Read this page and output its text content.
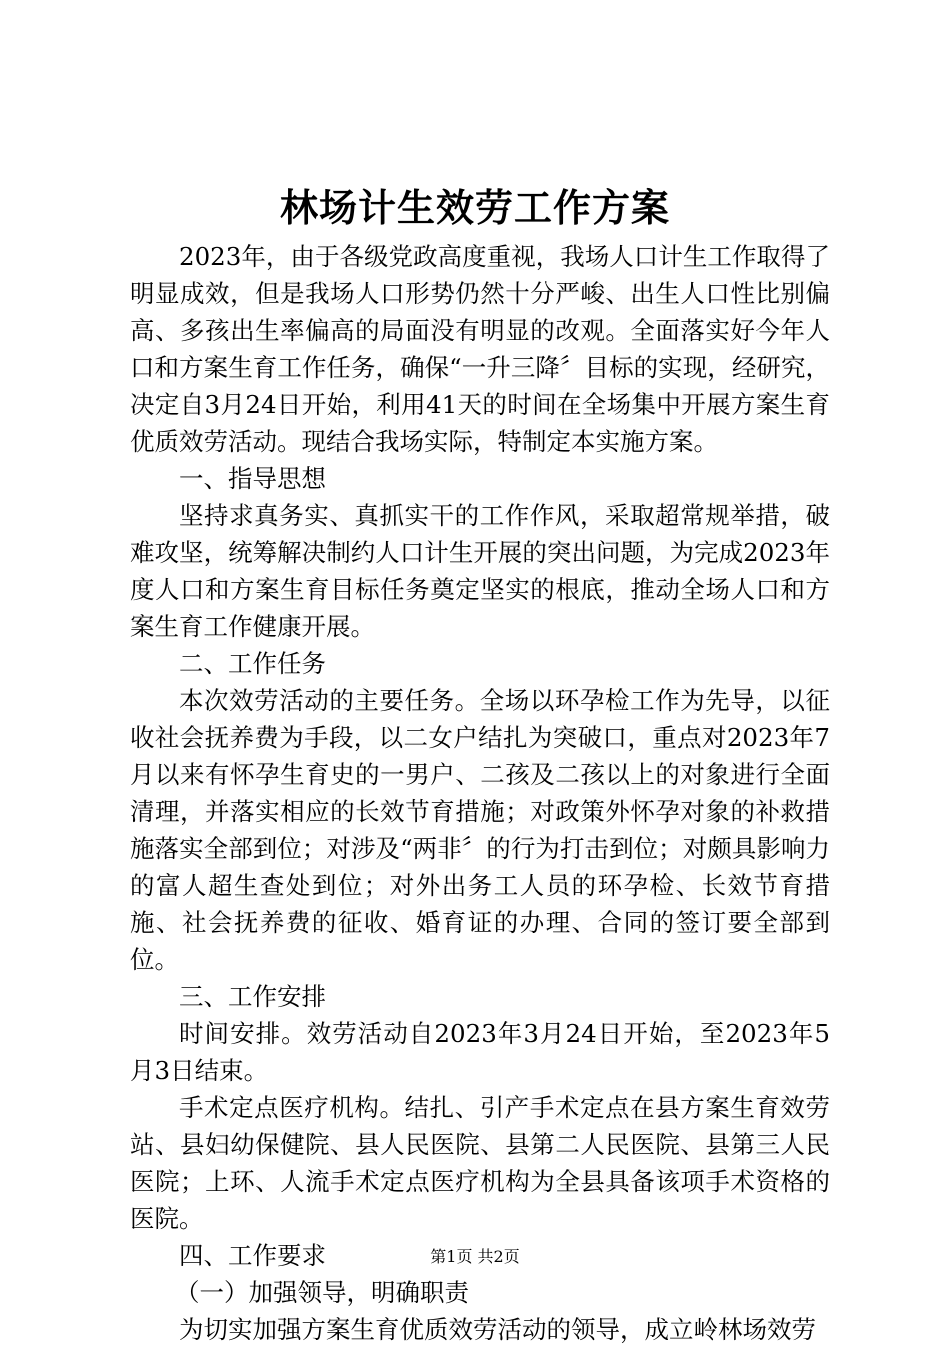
林场计生效劳工作方案

2023年，由于各级党政高度重视，我场人口计生工作取得了明显成效，但是我场人口形势仍然十分严峻、出生人口性比别偏高、多孩出生率偏高的局面没有明显的改观。全面落实好今年人口和方案生育工作任务，确保“一升三降〞目标的实现，经研究，决定自3月24日开始，利用41天的时间在全场集中开展方案生育优质效劳活动。现结合我场实际，特制定本实施方案。

一、指导思想

坚持求真务实、真抓实干的工作作风，采取超常规举措，破难攻坚，统筹解决制约人口计生开展的突出问题，为完成2023年度人口和方案生育目标任务奠定坚实的根底，推动全场人口和方案生育工作健康开展。

二、工作任务

本次效劳活动的主要任务。全场以环孕检工作为先导，以征收社会抚养费为手段，以二女户结扎为突破口，重点对2023年7月以来有怀孕生育史的一男户、二孩及二孩以上的对象进行全面清理，并落实相应的长效节育措施；对政策外怀孕对象的补救措施落实全部到位；对涉及“两非〞的行为打击到位；对颇具影响力的富人超生查处到位；对外出务工人员的环孕检、长效节育措施、社会抚养费的征收、婚育证的办理、合同的签订要全部到位。

三、工作安排

时间安排。效劳活动自2023年3月24日开始，至2023年5月3日结束。

手术定点医疗机构。结扎、引产手术定点在县方案生育效劳站、县妇幼保健院、县人民医院、县第二人民医院、县第三人民医院；上环、人流手术定点医疗机构为全县具备该项手术资格的医院。

四、工作要求

（一）加强领导，明确职责

为切实加强方案生育优质效劳活动的领导，成立岭林场效劳

第1页 共2页
